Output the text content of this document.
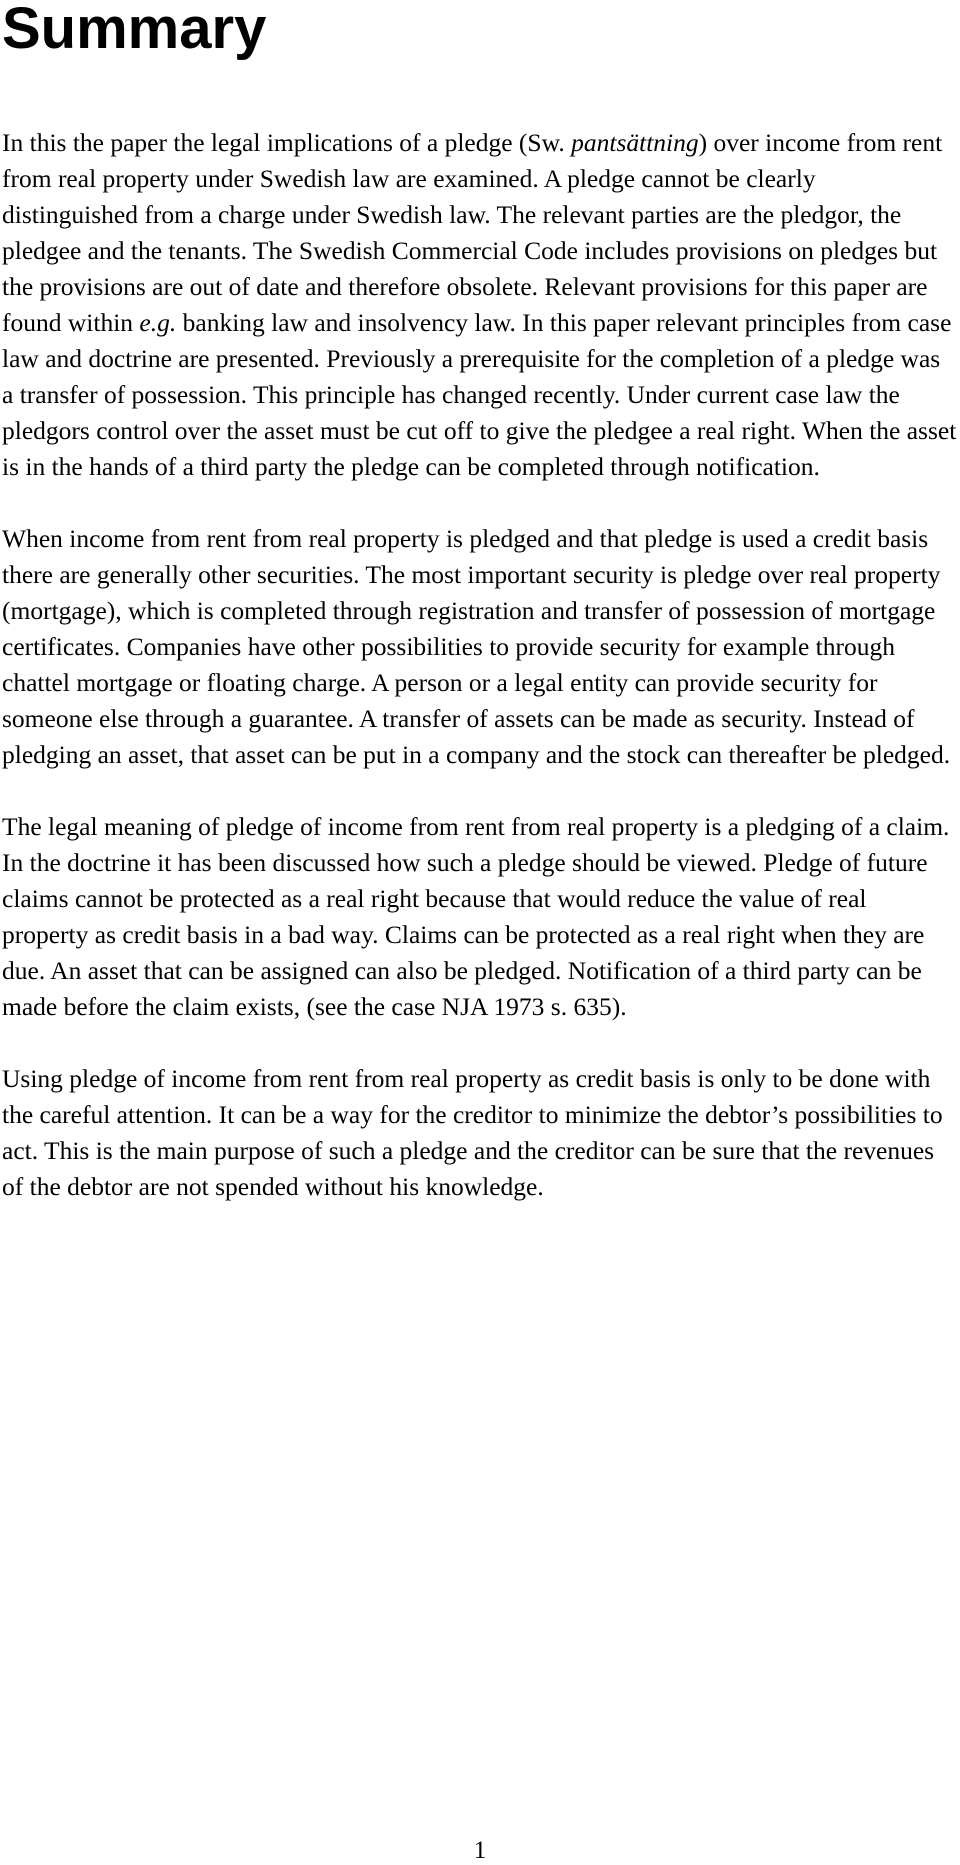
Summary

In this the paper the legal implications of a pledge (Sw. pantsättning) over income from rent from real property under Swedish law are examined. A pledge cannot be clearly distinguished from a charge under Swedish law. The relevant parties are the pledgor, the pledgee and the tenants. The Swedish Commercial Code includes provisions on pledges but the provisions are out of date and therefore obsolete. Relevant provisions for this paper are found within e.g. banking law and insolvency law. In this paper relevant principles from case law and doctrine are presented. Previously a prerequisite for the completion of a pledge was a transfer of possession. This principle has changed recently. Under current case law the pledgors control over the asset must be cut off to give the pledgee a real right. When the asset is in the hands of a third party the pledge can be completed through notification.

When income from rent from real property is pledged and that pledge is used a credit basis there are generally other securities. The most important security is pledge over real property (mortgage), which is completed through registration and transfer of possession of mortgage certificates. Companies have other possibilities to provide security for example through chattel mortgage or floating charge. A person or a legal entity can provide security for someone else through a guarantee. A transfer of assets can be made as security. Instead of pledging an asset, that asset can be put in a company and the stock can thereafter be pledged.

The legal meaning of pledge of income from rent from real property is a pledging of a claim. In the doctrine it has been discussed how such a pledge should be viewed. Pledge of future claims cannot be protected as a real right because that would reduce the value of real property as credit basis in a bad way. Claims can be protected as a real right when they are due. An asset that can be assigned can also be pledged. Notification of a third party can be made before the claim exists, (see the case NJA 1973 s. 635).

Using pledge of income from rent from real property as credit basis is only to be done with the careful attention. It can be a way for the creditor to minimize the debtor’s possibilities to act. This is the main purpose of such a pledge and the creditor can be sure that the revenues of the debtor are not spended without his knowledge.

1
